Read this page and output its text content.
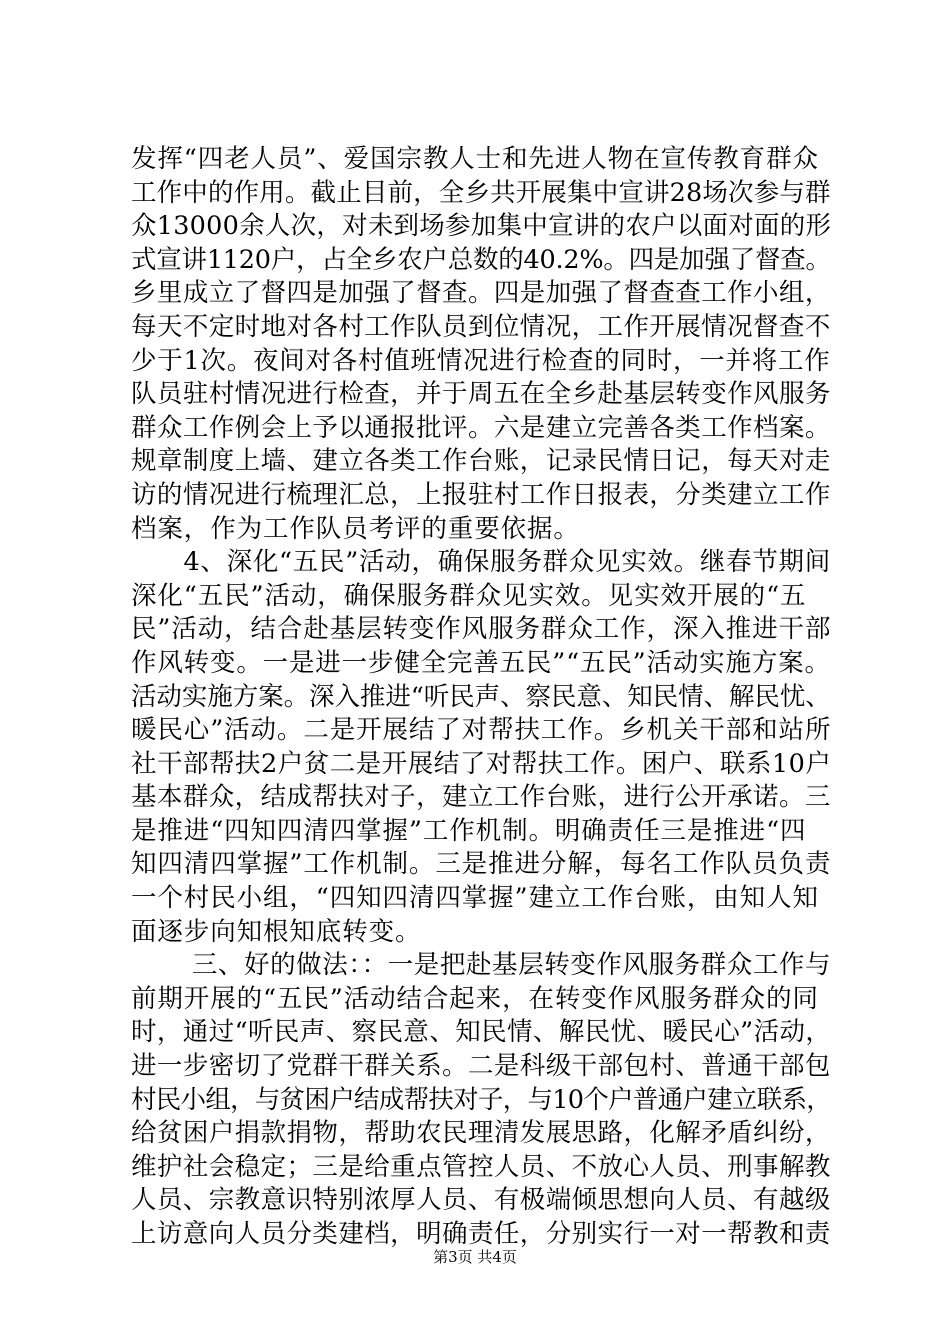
发挥“四老人员”、爱国宗教人士和先进人物在宣传教育群众
工作中的作用。截止目前，全乡共开展集中宣讲28场次参与群
众13000余人次，对未到场参加集中宣讲的农户以面对面的形
式宣讲1120户，占全乡农户总数的40.2%。四是加强了督查。
乡里成立了督四是加强了督查。四是加强了督查查工作小组，
每天不定时地对各村工作队员到位情况，工作开展情况督查不
少于1次。夜间对各村值班情况进行检查的同时，一并将工作
队员驻村情况进行检查，并于周五在全乡赴基层转变作风服务
群众工作例会上予以通报批评。六是建立完善各类工作档案。
规章制度上墙、建立各类工作台账，记录民情日记，每天对走
访的情况进行梳理汇总，上报驻村工作日报表，分类建立工作
档案，作为工作队员考评的重要依据。
　　4、深化“五民”活动，确保服务群众见实效。继春节期间
深化“五民”活动，确保服务群众见实效。见实效开展的“五
民”活动，结合赴基层转变作风服务群众工作，深入推进干部
作风转变。一是进一步健全完善五民”“五民”活动实施方案。
活动实施方案。深入推进“听民声、察民意、知民情、解民忧、
暖民心”活动。二是开展结了对帮扶工作。乡机关干部和站所
社干部帮扶2户贫二是开展结了对帮扶工作。困户、联系10户
基本群众，结成帮扶对子，建立工作台账，进行公开承诺。三
是推进“四知四清四掌握”工作机制。明确责任三是推进“四
知四清四掌握”工作机制。三是推进分解，每名工作队员负责
一个村民小组，“四知四清四掌握”建立工作台账，由知人知
面逐步向知根知底转变。
　　 三、好的做法：：一是把赴基层转变作风服务群众工作与
前期开展的“五民”活动结合起来，在转变作风服务群众的同
时，通过“听民声、察民意、知民情、解民忧、暖民心”活动，
进一步密切了党群干群关系。二是科级干部包村、普通干部包
村民小组，与贫困户结成帮扶对子，与10个户普通户建立联系，
给贫困户捐款捐物，帮助农民理清发展思路，化解矛盾纠纷，
维护社会稳定；三是给重点管控人员、不放心人员、刑事解教
人员、宗教意识特别浓厚人员、有极端倾思想向人员、有越级
上访意向人员分类建档，明确责任，分别实行一对一帮教和责
第3页 共4页
